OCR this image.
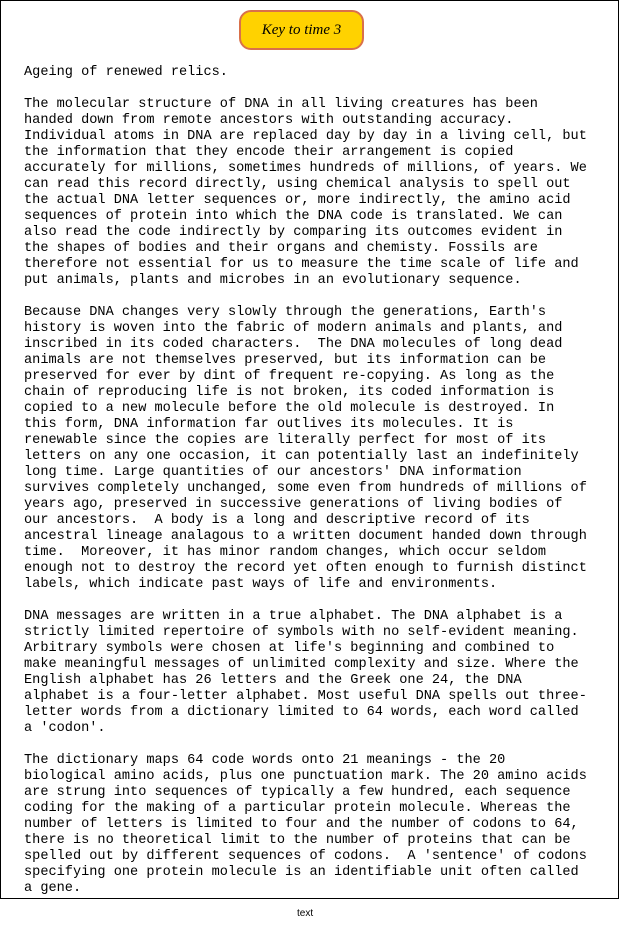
Key to time 3
Ageing of renewed relics.
The molecular structure of DNA in all living creatures has been
handed down from remote ancestors with outstanding accuracy.
Individual atoms in DNA are replaced day by day in a living cell, but
the information that they encode their arrangement is copied
accurately for millions, sometimes hundreds of millions, of years. We
can read this record directly, using chemical analysis to spell out
the actual DNA letter sequences or, more indirectly, the amino acid
sequences of protein into which the DNA code is translated. We can
also read the code indirectly by comparing its outcomes evident in
the shapes of bodies and their organs and chemisty. Fossils are
therefore not essential for us to measure the time scale of life and
put animals, plants and microbes in an evolutionary sequence.
Because DNA changes very slowly through the generations, Earth's
history is woven into the fabric of modern animals and plants, and
inscribed in its coded characters.  The DNA molecules of long dead
animals are not themselves preserved, but its information can be
preserved for ever by dint of frequent re-copying. As long as the
chain of reproducing life is not broken, its coded information is
copied to a new molecule before the old molecule is destroyed. In
this form, DNA information far outlives its molecules. It is
renewable since the copies are literally perfect for most of its
letters on any one occasion, it can potentially last an indefinitely
long time. Large quantities of our ancestors' DNA information
survives completely unchanged, some even from hundreds of millions of
years ago, preserved in successive generations of living bodies of
our ancestors.  A body is a long and descriptive record of its
ancestral lineage analagous to a written document handed down through
time.  Moreover, it has minor random changes, which occur seldom
enough not to destroy the record yet often enough to furnish distinct
labels, which indicate past ways of life and environments.
DNA messages are written in a true alphabet. The DNA alphabet is a
strictly limited repertoire of symbols with no self-evident meaning.
Arbitrary symbols were chosen at life's beginning and combined to
make meaningful messages of unlimited complexity and size. Where the
English alphabet has 26 letters and the Greek one 24, the DNA
alphabet is a four-letter alphabet. Most useful DNA spells out three-
letter words from a dictionary limited to 64 words, each word called
a 'codon'.
The dictionary maps 64 code words onto 21 meanings - the 20
biological amino acids, plus one punctuation mark. The 20 amino acids
are strung into sequences of typically a few hundred, each sequence
coding for the making of a particular protein molecule. Whereas the
number of letters is limited to four and the number of codons to 64,
there is no theoretical limit to the number of proteins that can be
spelled out by different sequences of codons.  A 'sentence' of codons
specifying one protein molecule is an identifiable unit often called
a gene.
text
